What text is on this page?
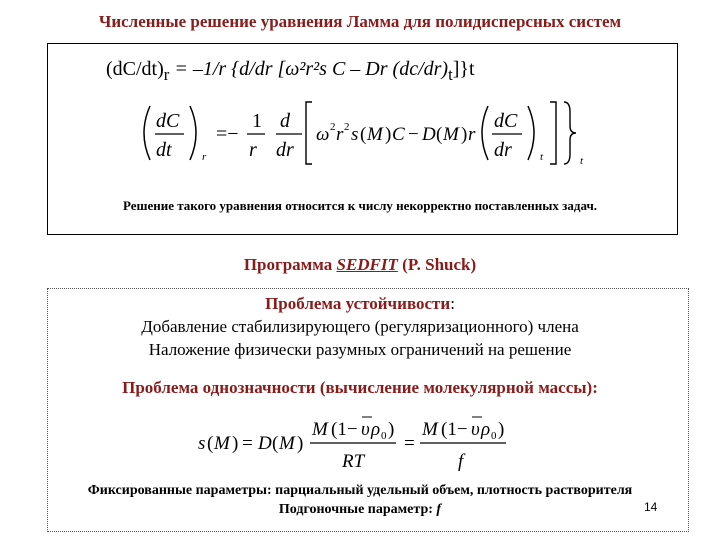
Численные решение уравнения Ламма для полидисперсных систем
$(dC/dt)_r = -1/r$ {d/dr [ω²r²s C – Dr $(dc/dr)_t]\}t$
dC
dt	r
=−
1
r
d
dr
ω 2 r 2 s ( M ) C − D ( M ) r
dC
dr	t	t
Решение такого уравнения относится к числу некорректно поставленных задач.
Программа SEDFIT (P. Shuck)
Проблема устойчивости:
Добавление стабилизирующего (регуляризационного) члена
Наложение физически разумных ограничений на решение
Проблема однозначности (вычисление молекулярной массы):
s ( M ) = D ( M )
M (1− υ ρ 0 )
RT
=
M (1− υ ρ 0 )
f
Фиксированные параметры: парциальный удельный объем, плотность растворителя
Подгоночные параметр: f	14
